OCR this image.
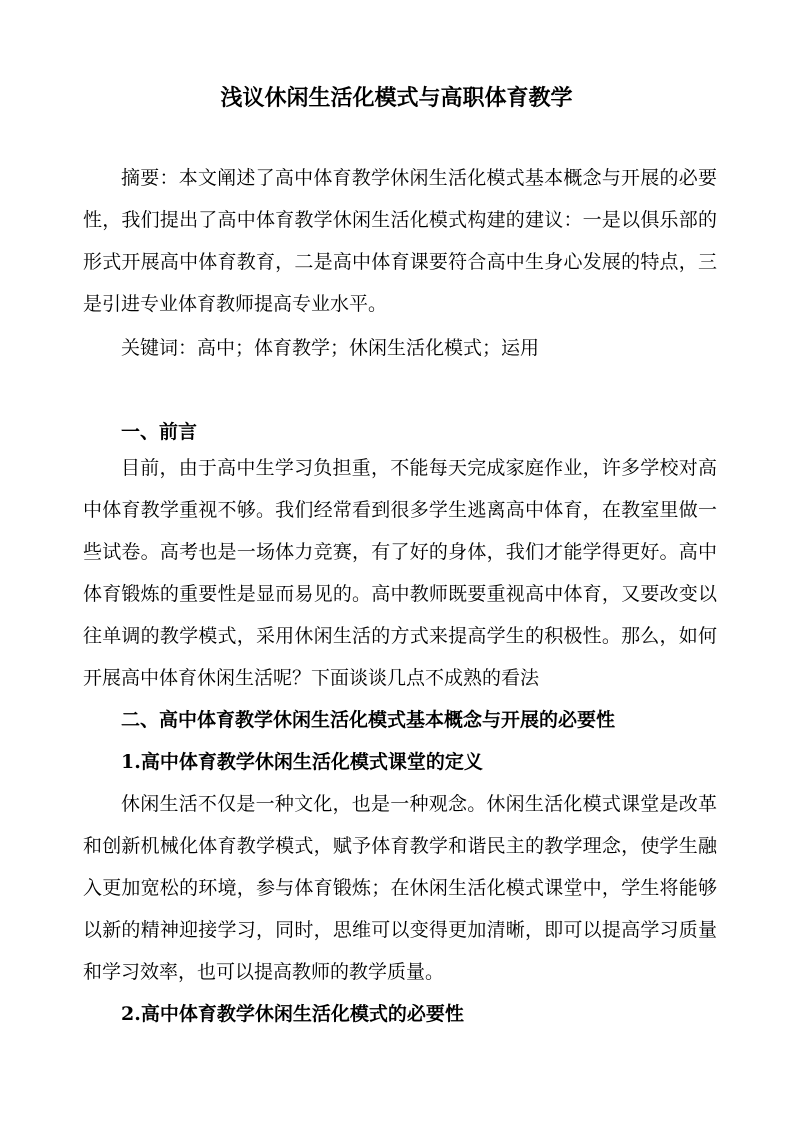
浅议休闲生活化模式与高职体育教学

摘要：本文阐述了高中体育教学休闲生活化模式基本概念与开展的必要性，我们提出了高中体育教学休闲生活化模式构建的建议：一是以俱乐部的形式开展高中体育教育，二是高中体育课要符合高中生身心发展的特点，三是引进专业体育教师提高专业水平。

关键词：高中；体育教学；休闲生活化模式；运用

一、前言

目前，由于高中生学习负担重，不能每天完成家庭作业，许多学校对高中体育教学重视不够。我们经常看到很多学生逃离高中体育，在教室里做一些试卷。高考也是一场体力竞赛，有了好的身体，我们才能学得更好。高中体育锻炼的重要性是显而易见的。高中教师既要重视高中体育，又要改变以往单调的教学模式，采用休闲生活的方式来提高学生的积极性。那么，如何开展高中体育休闲生活呢？下面谈谈几点不成熟的看法

二、高中体育教学休闲生活化模式基本概念与开展的必要性

1.高中体育教学休闲生活化模式课堂的定义

休闲生活不仅是一种文化，也是一种观念。休闲生活化模式课堂是改革和创新机械化体育教学模式，赋予体育教学和谐民主的教学理念，使学生融入更加宽松的环境，参与体育锻炼；在休闲生活化模式课堂中，学生将能够以新的精神迎接学习，同时，思维可以变得更加清晰，即可以提高学习质量和学习效率，也可以提高教师的教学质量。

2.高中体育教学休闲生活化模式的必要性
